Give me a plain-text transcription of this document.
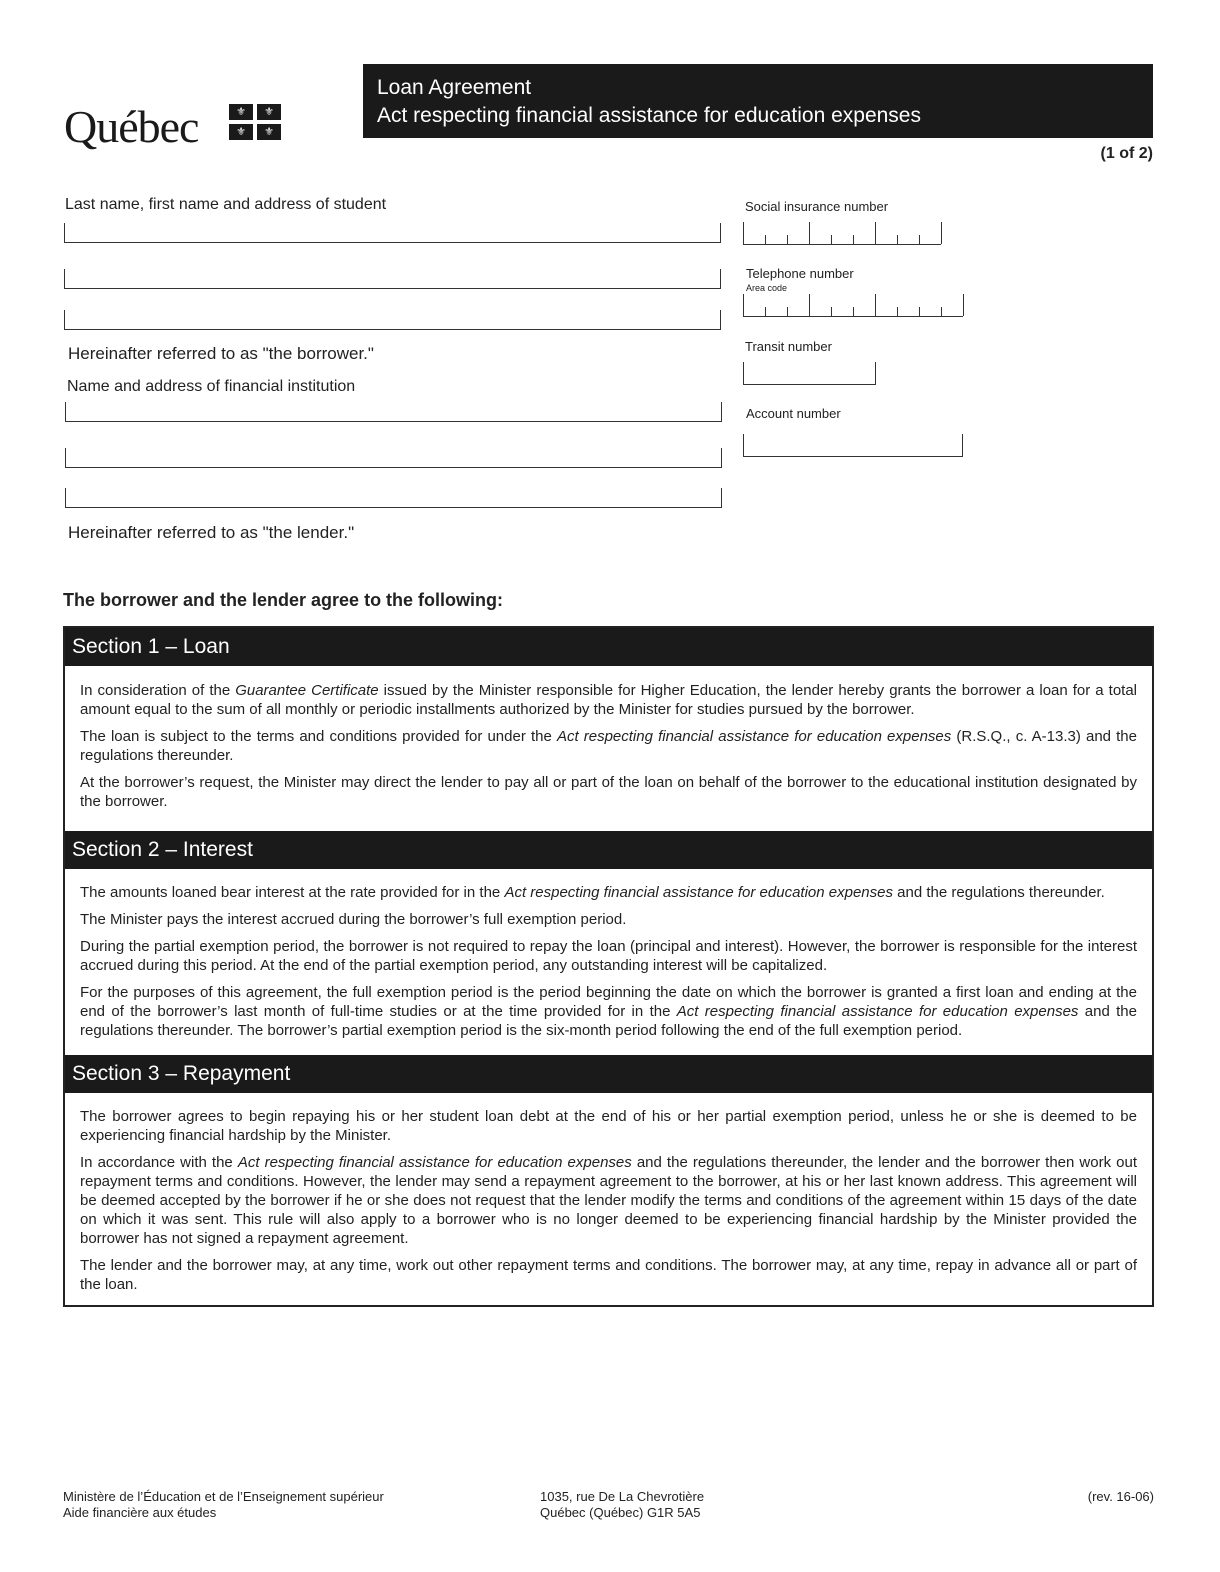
Québec	⚜	⚜
⚜	⚜
Loan Agreement
Act respecting financial assistance for education expenses
(1 of 2)
Last name, first name and address of student
Hereinafter referred to as "the borrower."
Name and address of financial institution
Hereinafter referred to as "the lender."
Social insurance number
Telephone number
Area code
Transit number
Account number
The borrower and the lender agree to the following:
Section 1 – Loan

In consideration of the Guarantee Certificate issued by the Minister responsible for Higher Education, the lender hereby grants the borrower a loan for a total amount equal to the sum of all monthly or periodic installments authorized by the Minister for studies pursued by the borrower.

The loan is subject to the terms and conditions provided for under the Act respecting financial assistance for education expenses (R.S.Q., c. A-13.3) and the regulations thereunder.

At the borrower’s request, the Minister may direct the lender to pay all or part of the loan on behalf of the borrower to the educational institution designated by the borrower.

Section 2 – Interest

The amounts loaned bear interest at the rate provided for in the Act respecting financial assistance for education expenses and the regulations thereunder.

The Minister pays the interest accrued during the borrower’s full exemption period.

During the partial exemption period, the borrower is not required to repay the loan (principal and interest). However, the borrower is responsible for the interest accrued during this period. At the end of the partial exemption period, any outstanding interest will be capitalized.

For the purposes of this agreement, the full exemption period is the period beginning the date on which the borrower is granted a first loan and ending at the end of the borrower’s last month of full-time studies or at the time provided for in the Act respecting financial assistance for education expenses and the regulations thereunder. The borrower’s partial exemption period is the six-month period following the end of the full exemption period.

Section 3 – Repayment

The borrower agrees to begin repaying his or her student loan debt at the end of his or her partial exemption period, unless he or she is deemed to be experiencing financial hardship by the Minister.

In accordance with the Act respecting financial assistance for education expenses and the regulations thereunder, the lender and the borrower then work out repayment terms and conditions. However, the lender may send a repayment agreement to the borrower, at his or her last known address. This agreement will be deemed accepted by the borrower if he or she does not request that the lender modify the terms and conditions of the agreement within 15 days of the date on which it was sent. This rule will also apply to a borrower who is no longer deemed to be experiencing financial hardship by the Minister provided the borrower has not signed a repayment agreement.

The lender and the borrower may, at any time, work out other repayment terms and conditions. The borrower may, at any time, repay in advance all or part of the loan.

Ministère de l’Éducation et de l’Enseignement supérieur
Aide financière aux études
1035, rue De La Chevrotière
Québec (Québec) G1R 5A5
(rev. 16-06)
